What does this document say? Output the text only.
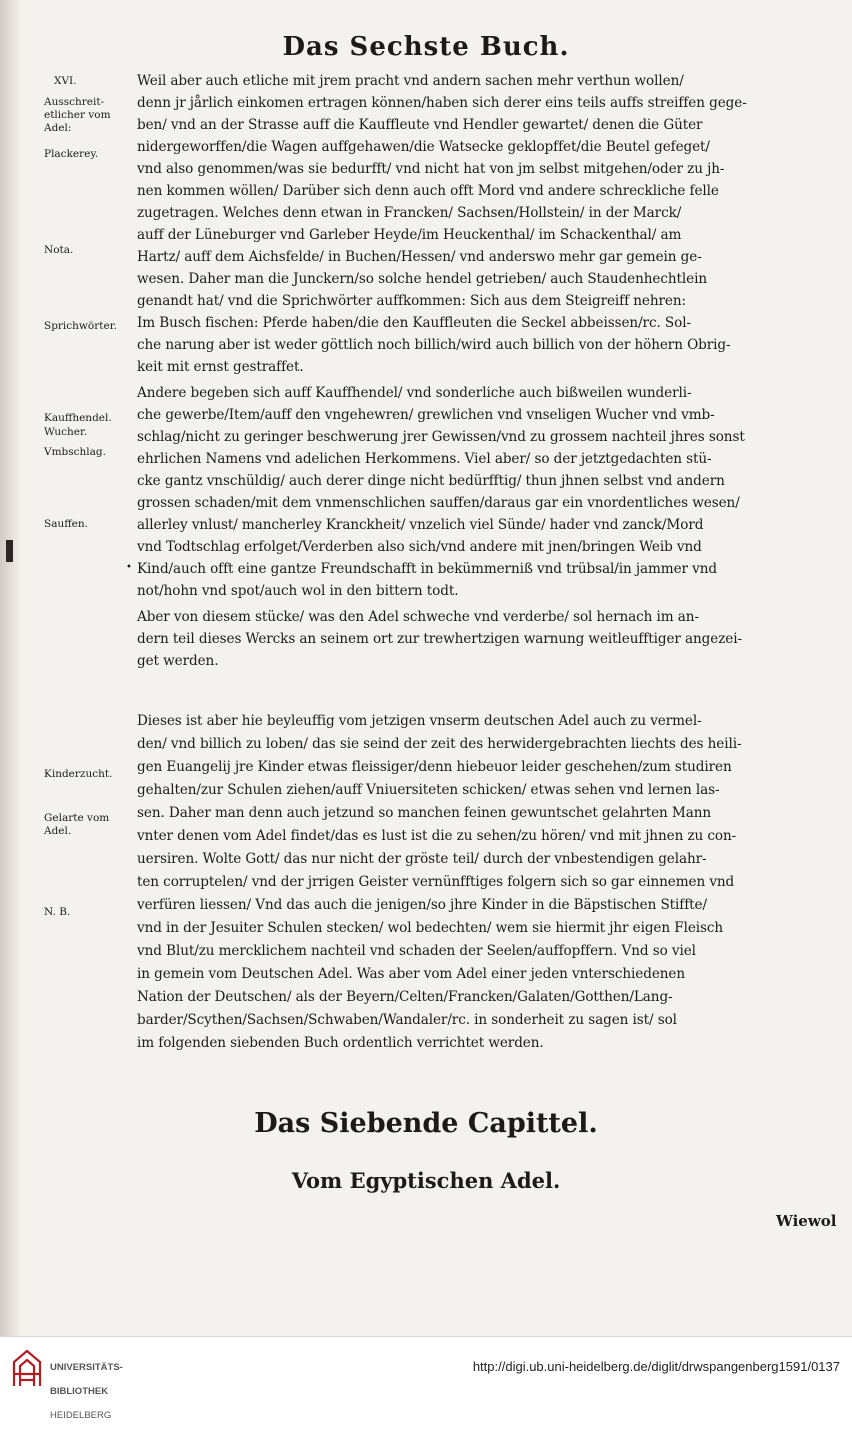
Das Sechste Buch.

Weil aber auch etliche mit jrem pracht vnd andern sachen mehr verthun wollen/

denn jr jårlich einkomen ertragen können/haben sich derer eins teils auffs streiffen gege-

ben/ vnd an der Strasse auff die Kauffleute vnd Hendler gewartet/ denen die Güter

nidergeworffen/die Wagen auffgehawen/die Watsecke geklopffet/die Beutel gefeget/

vnd also genommen/was sie bedurfft/ vnd nicht hat von jm selbst mitgehen/oder zu jh-

nen kommen wöllen/ Darüber sich denn auch offt Mord vnd andere schreckliche felle

zugetragen. Welches denn etwan in Francken/ Sachsen/Hollstein/ in der Marck/

auff der Lüneburger vnd Garleber Heyde/im Heuckenthal/ im Schackenthal/ am

Hartz/ auff dem Aichsfelde/ in Buchen/Hessen/ vnd anderswo mehr gar gemein ge-

wesen. Daher man die Junckern/so solche hendel getrieben/ auch Staudenhechtlein

genandt hat/ vnd die Sprichwörter auffkommen: Sich aus dem Steigreiff nehren:

Im Busch fischen: Pferde haben/die den Kauffleuten die Seckel abbeissen/rc. Sol-

che narung aber ist weder göttlich noch billich/wird auch billich von der höhern Obrig-

keit mit ernst gestraffet.

Andere begeben sich auff Kauffhendel/ vnd sonderliche auch bißweilen wunderli-

che gewerbe/Item/auff den vngehewren/ grewlichen vnd vnseligen Wucher vnd vmb-

schlag/nicht zu geringer beschwerung jrer Gewissen/vnd zu grossem nachteil jhres sonst

ehrlichen Namens vnd adelichen Herkommens. Viel aber/ so der jetztgedachten stü-

cke gantz vnschüldig/ auch derer dinge nicht bedürfftig/ thun jhnen selbst vnd andern

grossen schaden/mit dem vnmenschlichen sauffen/daraus gar ein vnordentliches wesen/

allerley vnlust/ mancherley Kranckheit/ vnzelich viel Sünde/ hader vnd zanck/Mord

vnd Todtschlag erfolget/Verderben also sich/vnd andere mit jnen/bringen Weib vnd

Kind/auch offt eine gantze Freundschafft in bekümmerniß vnd trübsal/in jammer vnd

not/hohn vnd spot/auch wol in den bittern todt.

Aber von diesem stücke/ was den Adel schweche vnd verderbe/ sol hernach im an-

dern teil dieses Wercks an seinem ort zur trewhertzigen warnung weitleufftiger angezei-

get werden.

Dieses ist aber hie beyleuffig vom jetzigen vnserm deutschen Adel auch zu vermel-

den/ vnd billich zu loben/ das sie seind der zeit des herwidergebrachten liechts des heili-

gen Euangelij jre Kinder etwas fleissiger/denn hiebeuor leider geschehen/zum studiren

gehalten/zur Schulen ziehen/auff Vniuersiteten schicken/ etwas sehen vnd lernen las-

sen. Daher man denn auch jetzund so manchen feinen gewuntschet gelahrten Mann

vnter denen vom Adel findet/das es lust ist die zu sehen/zu hören/ vnd mit jhnen zu con-

uersiren. Wolte Gott/ das nur nicht der gröste teil/ durch der vnbestendigen gelahr-

ten corruptelen/ vnd der jrrigen Geister vernünfftiges folgern sich so gar einnemen vnd

verfüren liessen/ Vnd das auch die jenigen/so jhre Kinder in die Bäpstischen Stiffte/

vnd in der Jesuiter Schulen stecken/ wol bedechten/ wem sie hiermit jhr eigen Fleisch

vnd Blut/zu mercklichem nachteil vnd schaden der Seelen/auffopffern. Vnd so viel

in gemein vom Deutschen Adel. Was aber vom Adel einer jeden vnterschiedenen

Nation der Deutschen/ als der Beyern/Celten/Francken/Galaten/Gotthen/Lang-

barder/Scythen/Sachsen/Schwaben/Wandaler/rc. in sonderheit zu sagen ist/ sol

im folgenden siebenden Buch ordentlich verrichtet werden.

XVI.

Ausschreit-etlicher vom Adel:

Plackerey.

Nota.

Sprichwörter.

Kauffhendel.

Wucher.

Vmbschlag.

Sauffen.

Kinderzucht.

Gelarte vom Adel.

N. B.

•
Das Siebende Capittel.
Vom Egyptischen Adel.
Wiewol

UNIVERSITÄTS-

BIBLIOTHEK

HEIDELBERG

http://digi.ub.uni-heidelberg.de/diglit/drwspangenberg1591/0137
